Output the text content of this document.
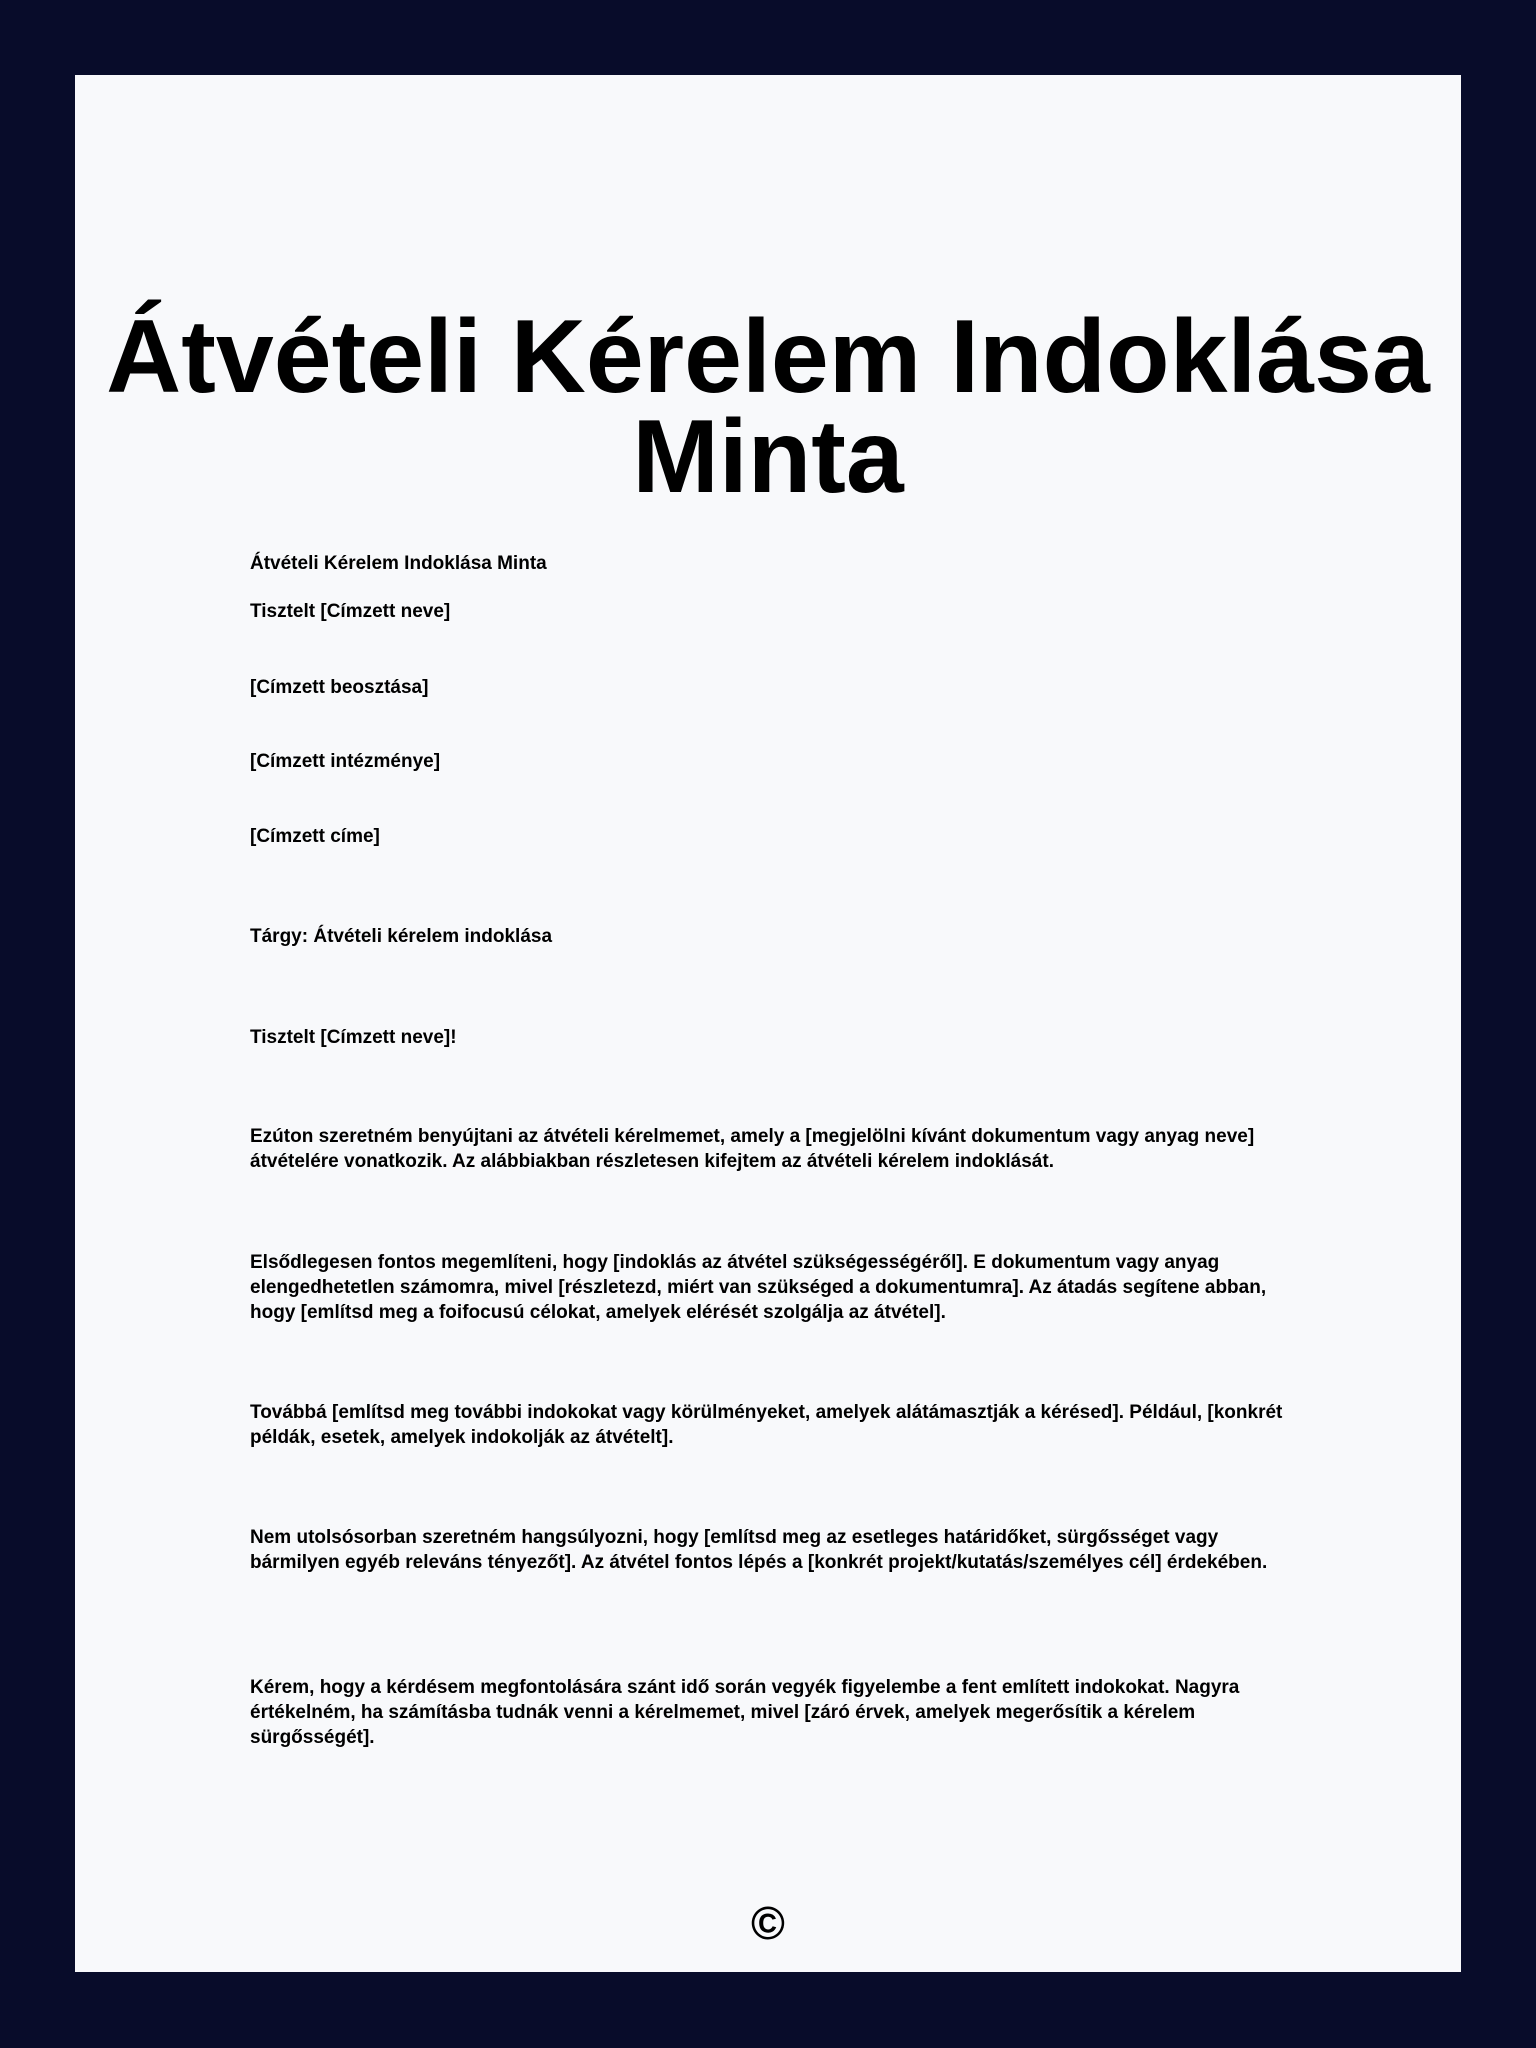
Átvételi Kérelem Indoklása Minta

Átvételi Kérelem Indoklása Minta

Tisztelt [Címzett neve]

[Címzett beosztása]

[Címzett intézménye]

[Címzett címe]

Tárgy: Átvételi kérelem indoklása

Tisztelt [Címzett neve]!

Ezúton szeretném benyújtani az átvételi kérelmemet, amely a [megjelölni kívánt dokumentum vagy anyag neve] átvételére vonatkozik. Az alábbiakban részletesen kifejtem az átvételi kérelem indoklását.

Elsődlegesen fontos megemlíteni, hogy [indoklás az átvétel szükségességéről]. E dokumentum vagy anyag elengedhetetlen számomra, mivel [részletezd, miért van szükséged a dokumentumra]. Az átadás segítene abban, hogy [említsd meg a foifocusú célokat, amelyek elérését szolgálja az átvétel].

Továbbá [említsd meg további indokokat vagy körülményeket, amelyek alátámasztják a kérésed]. Például, [konkrét példák, esetek, amelyek indokolják az átvételt].

Nem utolsósorban szeretném hangsúlyozni, hogy [említsd meg az esetleges határidőket, sürgősséget vagy bármilyen egyéb releváns tényezőt]. Az átvétel fontos lépés a [konkrét projekt/kutatás/személyes cél] érdekében.

Kérem, hogy a kérdésem megfontolására szánt idő során vegyék figyelembe a fent említett indokokat. Nagyra értékelném, ha számításba tudnák venni a kérelmemet, mivel [záró érvek, amelyek megerősítik a kérelem sürgősségét].

©
